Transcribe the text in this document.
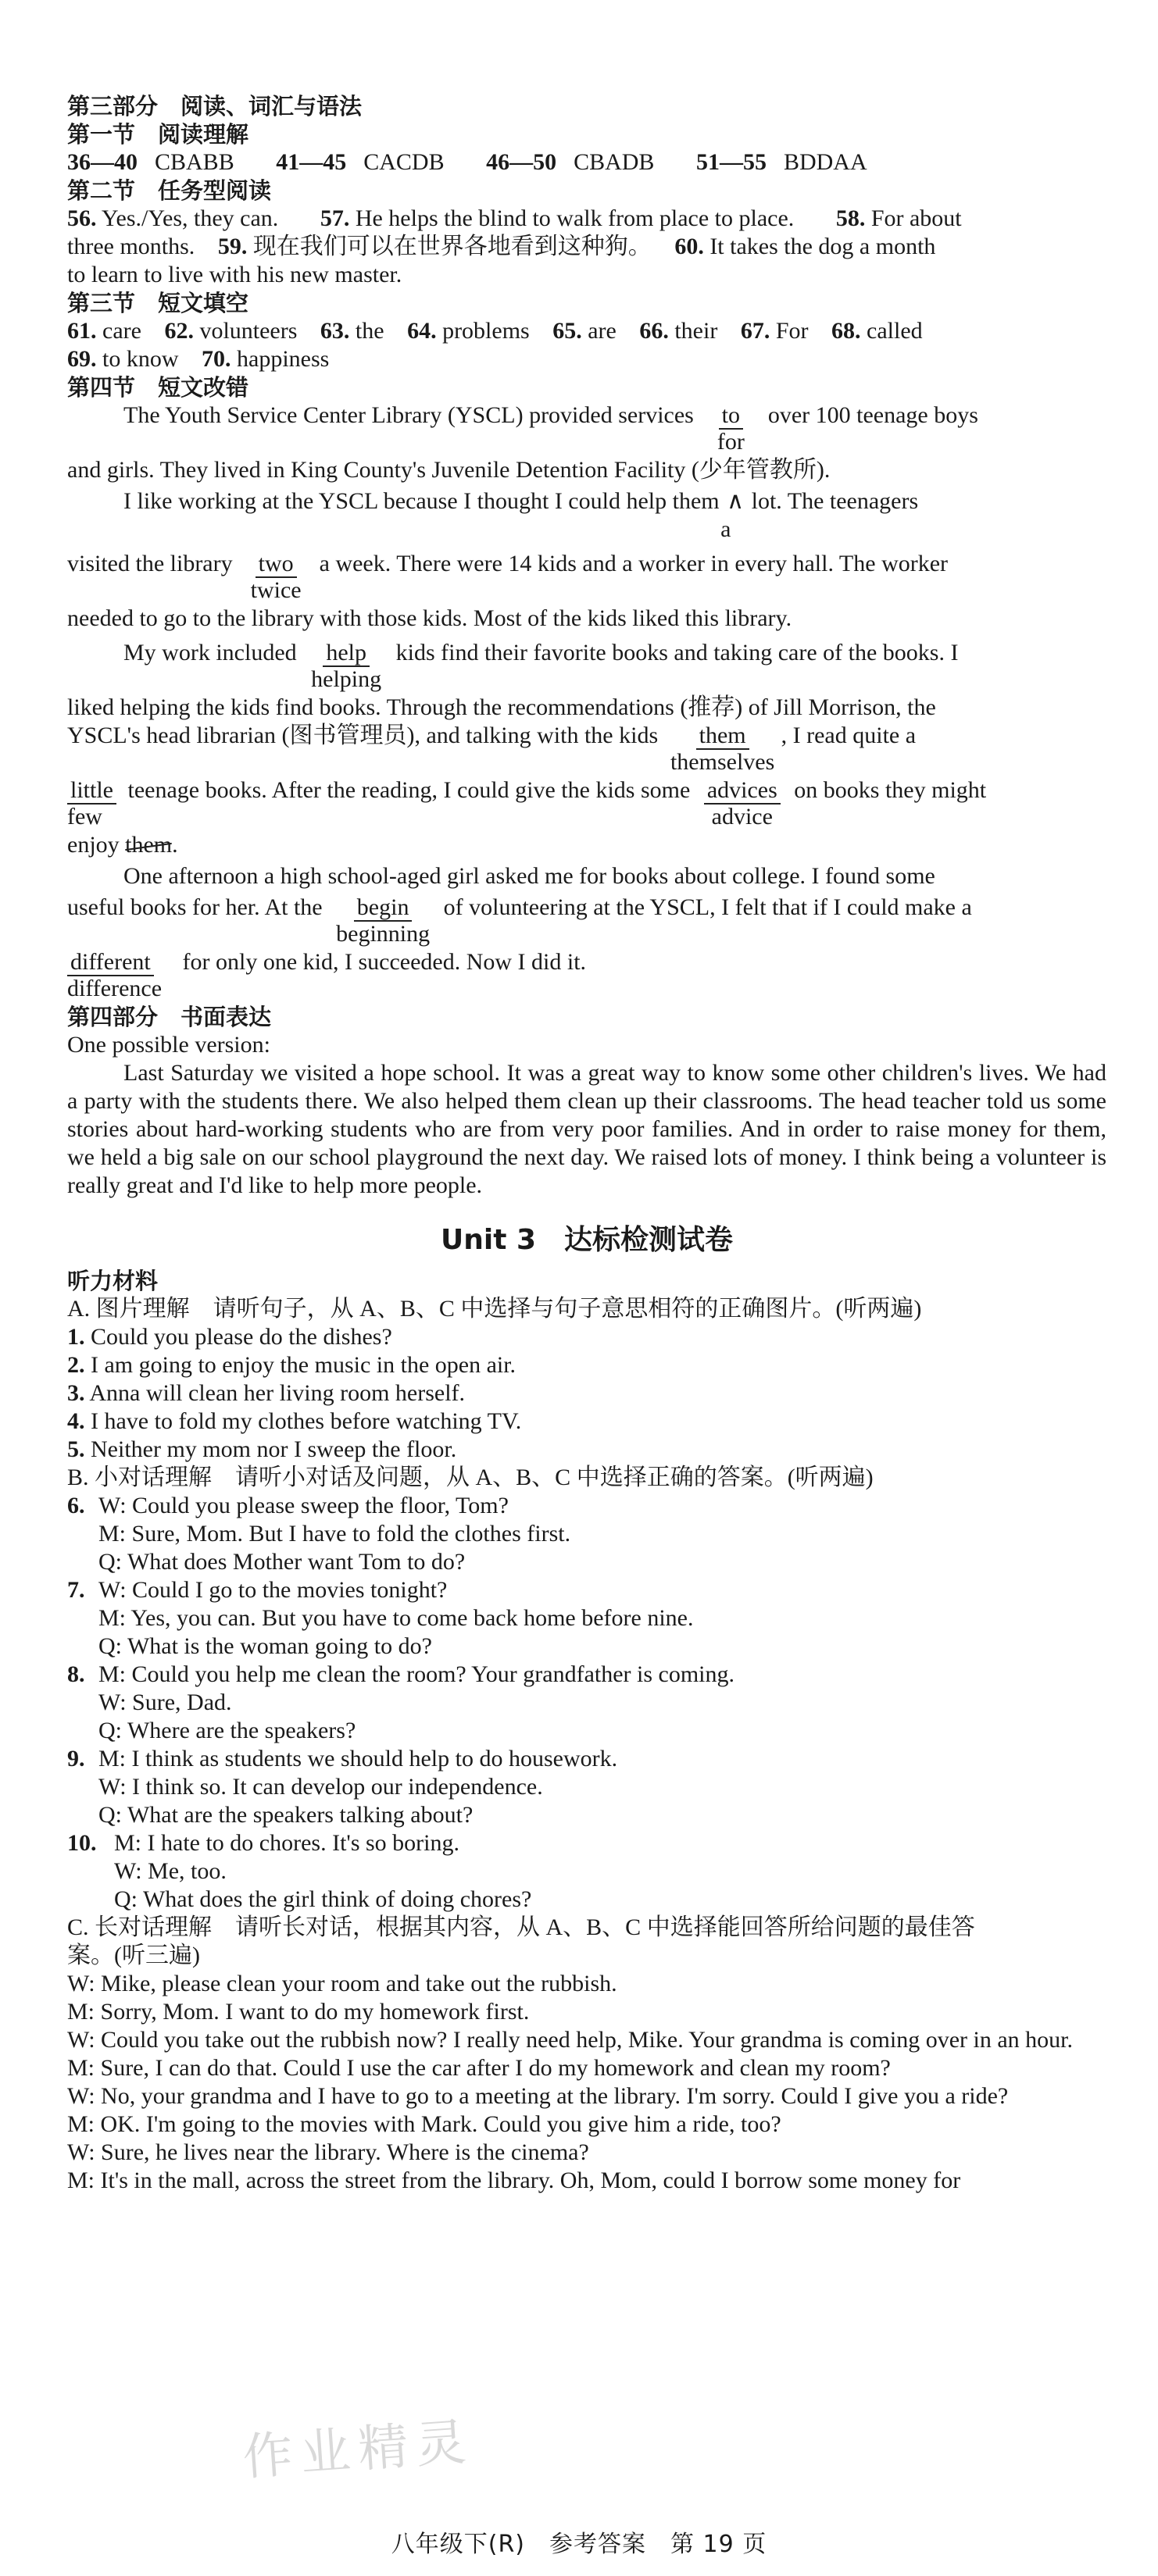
第三部分　阅读、词汇与语法
第一节　阅读理解
36—40 CBABB 41—45 CACDB 46—50 CBADB 51—55 BDDAA
第二节　任务型阅读
56. Yes./Yes, they can. 57. He helps the blind to walk from place to place. 58. For about
three months. 59. 现在我们可以在世界各地看到这种狗。 60. It takes the dog a month
to learn to live with his new master.
第三节　短文填空
61. care 62. volunteers 63. the 64. problems 65. are 66. their 67. For 68. called
69. to know 70. happiness
第四节　短文改错
The Youth Service Center Library (YSCL) provided services to
for
over 100 teenage boys
and girls. They lived in King County's Juvenile Detention Facility (少年管教所).
I like working at the YSCL because I thought I could help them ∧
a
lot. The teenagers
visited the library two
twice
a week. There were 14 kids and a worker in every hall. The worker
needed to go to the library with those kids. Most of the kids liked this library.
My work included help
helping
kids find their favorite books and taking care of the books. I
liked helping the kids find books. Through the recommendations (推荐) of Jill Morrison, the
YSCL's head librarian (图书管理员), and talking with the kids them
themselves
, I read quite a
little
few
teenage books. After the reading, I could give the kids some advices
advice
on books they might
enjoy them.
One afternoon a high school-aged girl asked me for books about college. I found some
useful books for her. At the begin
beginning
of volunteering at the YSCL, I felt that if I could make a
different
difference
for only one kid, I succeeded. Now I did it.
第四部分　书面表达
One possible version:
Last Saturday we visited a hope school. It was a great way to know some other children's lives. We had a party with the students there. We also helped them clean up their classrooms. The head teacher told us some stories about hard-working students who are from very poor families. And in order to raise money for them, we held a big sale on our school playground the next day. We raised lots of money. I think being a volunteer is really great and I'd like to help more people.
Unit 3　达标检测试卷
听力材料
A. 图片理解　请听句子，从 A、B、C 中选择与句子意思相符的正确图片。(听两遍)
1. Could you please do the dishes?
2. I am going to enjoy the music in the open air.
3. Anna will clean her living room herself.
4. I have to fold my clothes before watching TV.
5. Neither my mom nor I sweep the floor.
B. 小对话理解　请听小对话及问题，从 A、B、C 中选择正确的答案。(听两遍)
6. W: Could you please sweep the floor, Tom?
M: Sure, Mom. But I have to fold the clothes first.
Q: What does Mother want Tom to do?
7. W: Could I go to the movies tonight?
M: Yes, you can. But you have to come back home before nine.
Q: What is the woman going to do?
8. M: Could you help me clean the room? Your grandfather is coming.
W: Sure, Dad.
Q: Where are the speakers?
9. M: I think as students we should help to do housework.
W: I think so. It can develop our independence.
Q: What are the speakers talking about?
10. M: I hate to do chores. It's so boring.
W: Me, too.
Q: What does the girl think of doing chores?
C. 长对话理解　请听长对话，根据其内容，从 A、B、C 中选择能回答所给问题的最佳答
案。(听三遍)
W: Mike, please clean your room and take out the rubbish.
M: Sorry, Mom. I want to do my homework first.
W: Could you take out the rubbish now? I really need help, Mike. Your grandma is coming over in an hour.
M: Sure, I can do that. Could I use the car after I do my homework and clean my room?
W: No, your grandma and I have to go to a meeting at the library. I'm sorry. Could I give you a ride?
M: OK. I'm going to the movies with Mark. Could you give him a ride, too?
W: Sure, he lives near the library. Where is the cinema?
M: It's in the mall, across the street from the library. Oh, Mom, could I borrow some money for
作业精灵
八年级下(R)　参考答案　第 19 页
